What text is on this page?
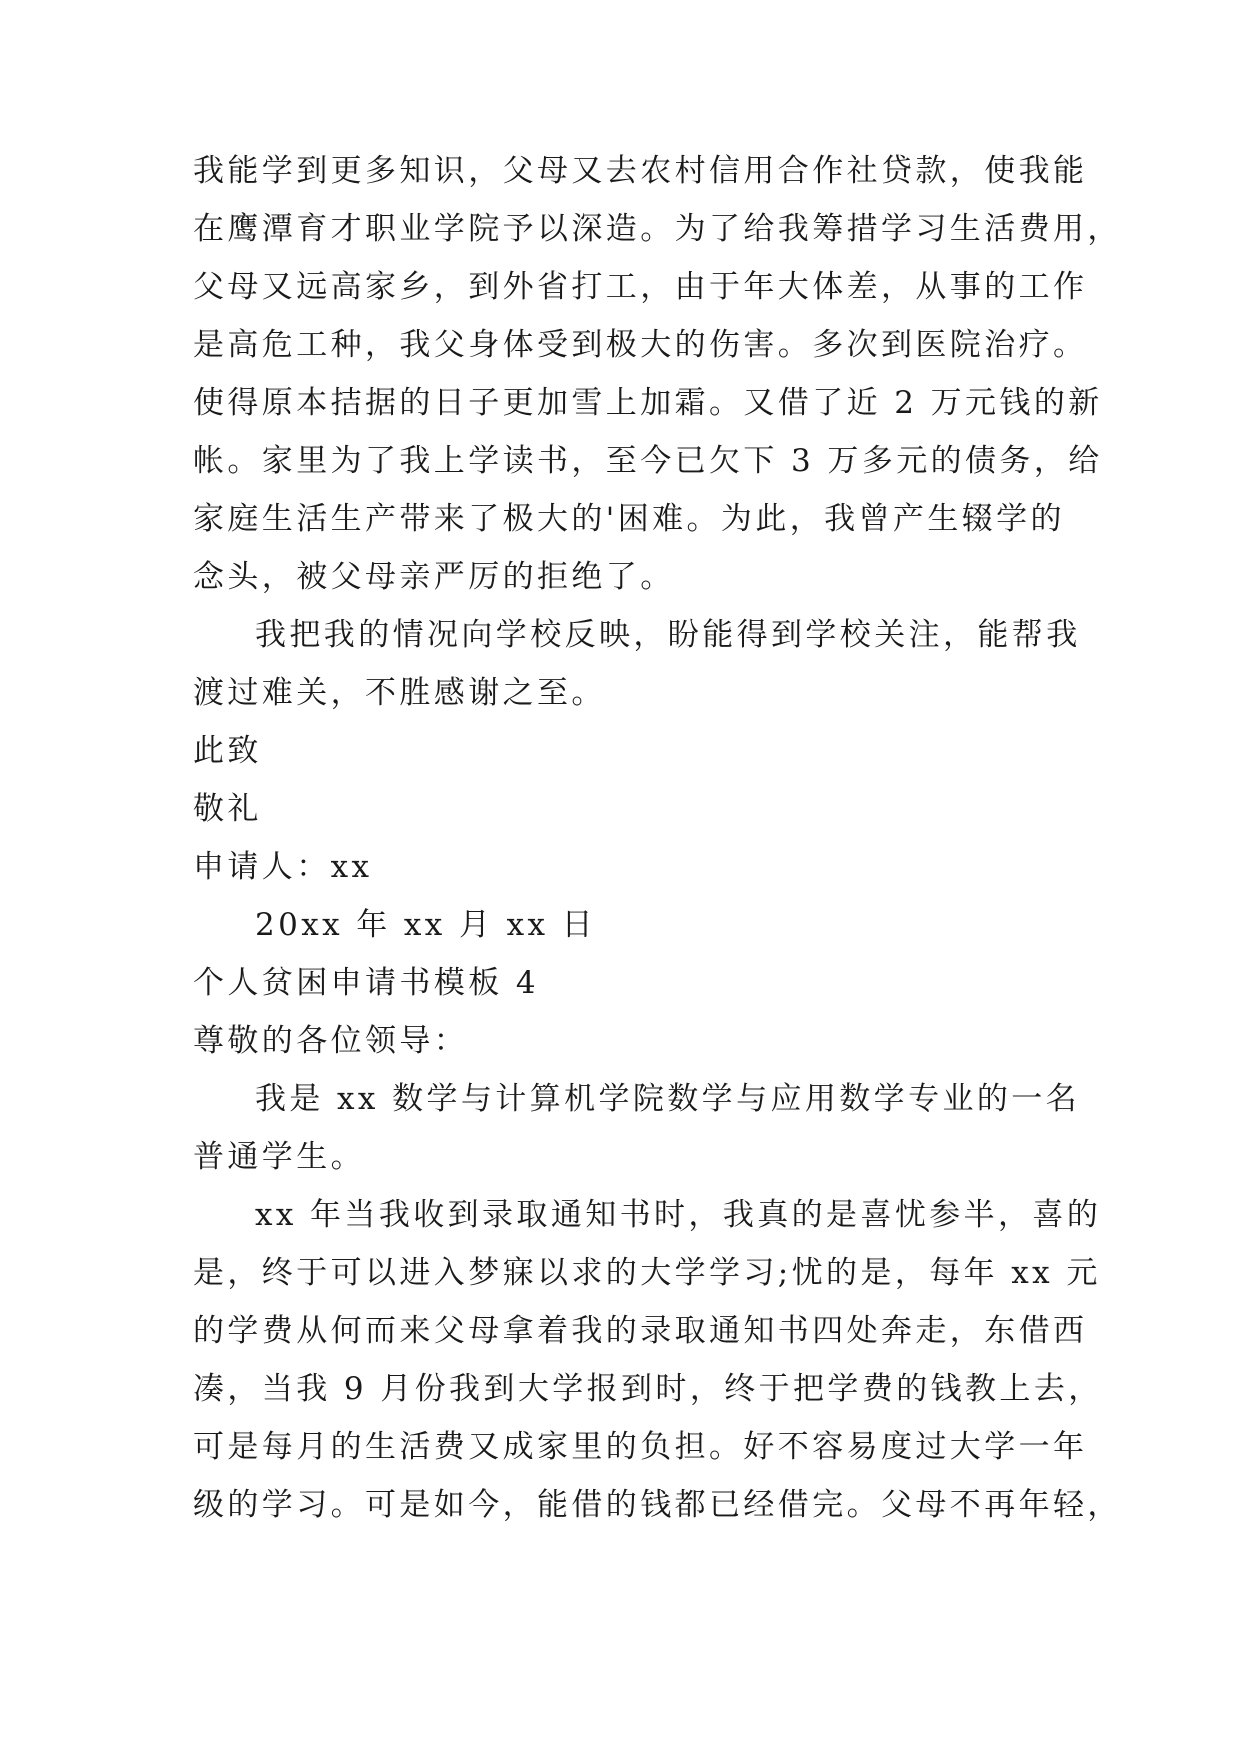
我能学到更多知识，父母又去农村信用合作社贷款，使我能
在鹰潭育才职业学院予以深造。为了给我筹措学习生活费用，
父母又远高家乡，到外省打工，由于年大体差，从事的工作
是高危工种，我父身体受到极大的伤害。多次到医院治疗。
使得原本拮据的日子更加雪上加霜。又借了近 2 万元钱的新
帐。家里为了我上学读书，至今已欠下 3 万多元的债务，给
家庭生活生产带来了极大的'困难。为此，我曾产生辍学的
念头，被父母亲严厉的拒绝了。
我把我的情况向学校反映，盼能得到学校关注，能帮我
渡过难关，不胜感谢之至。
此致
敬礼
申请人：xx
20xx 年 xx 月 xx 日
个人贫困申请书模板 4
尊敬的各位领导：
我是 xx 数学与计算机学院数学与应用数学专业的一名
普通学生。
xx 年当我收到录取通知书时，我真的是喜忧参半，喜的
是，终于可以进入梦寐以求的大学学习;忧的是，每年 xx 元
的学费从何而来父母拿着我的录取通知书四处奔走，东借西
凑，当我 9 月份我到大学报到时，终于把学费的钱教上去，
可是每月的生活费又成家里的负担。好不容易度过大学一年
级的学习。可是如今，能借的钱都已经借完。父母不再年轻，
